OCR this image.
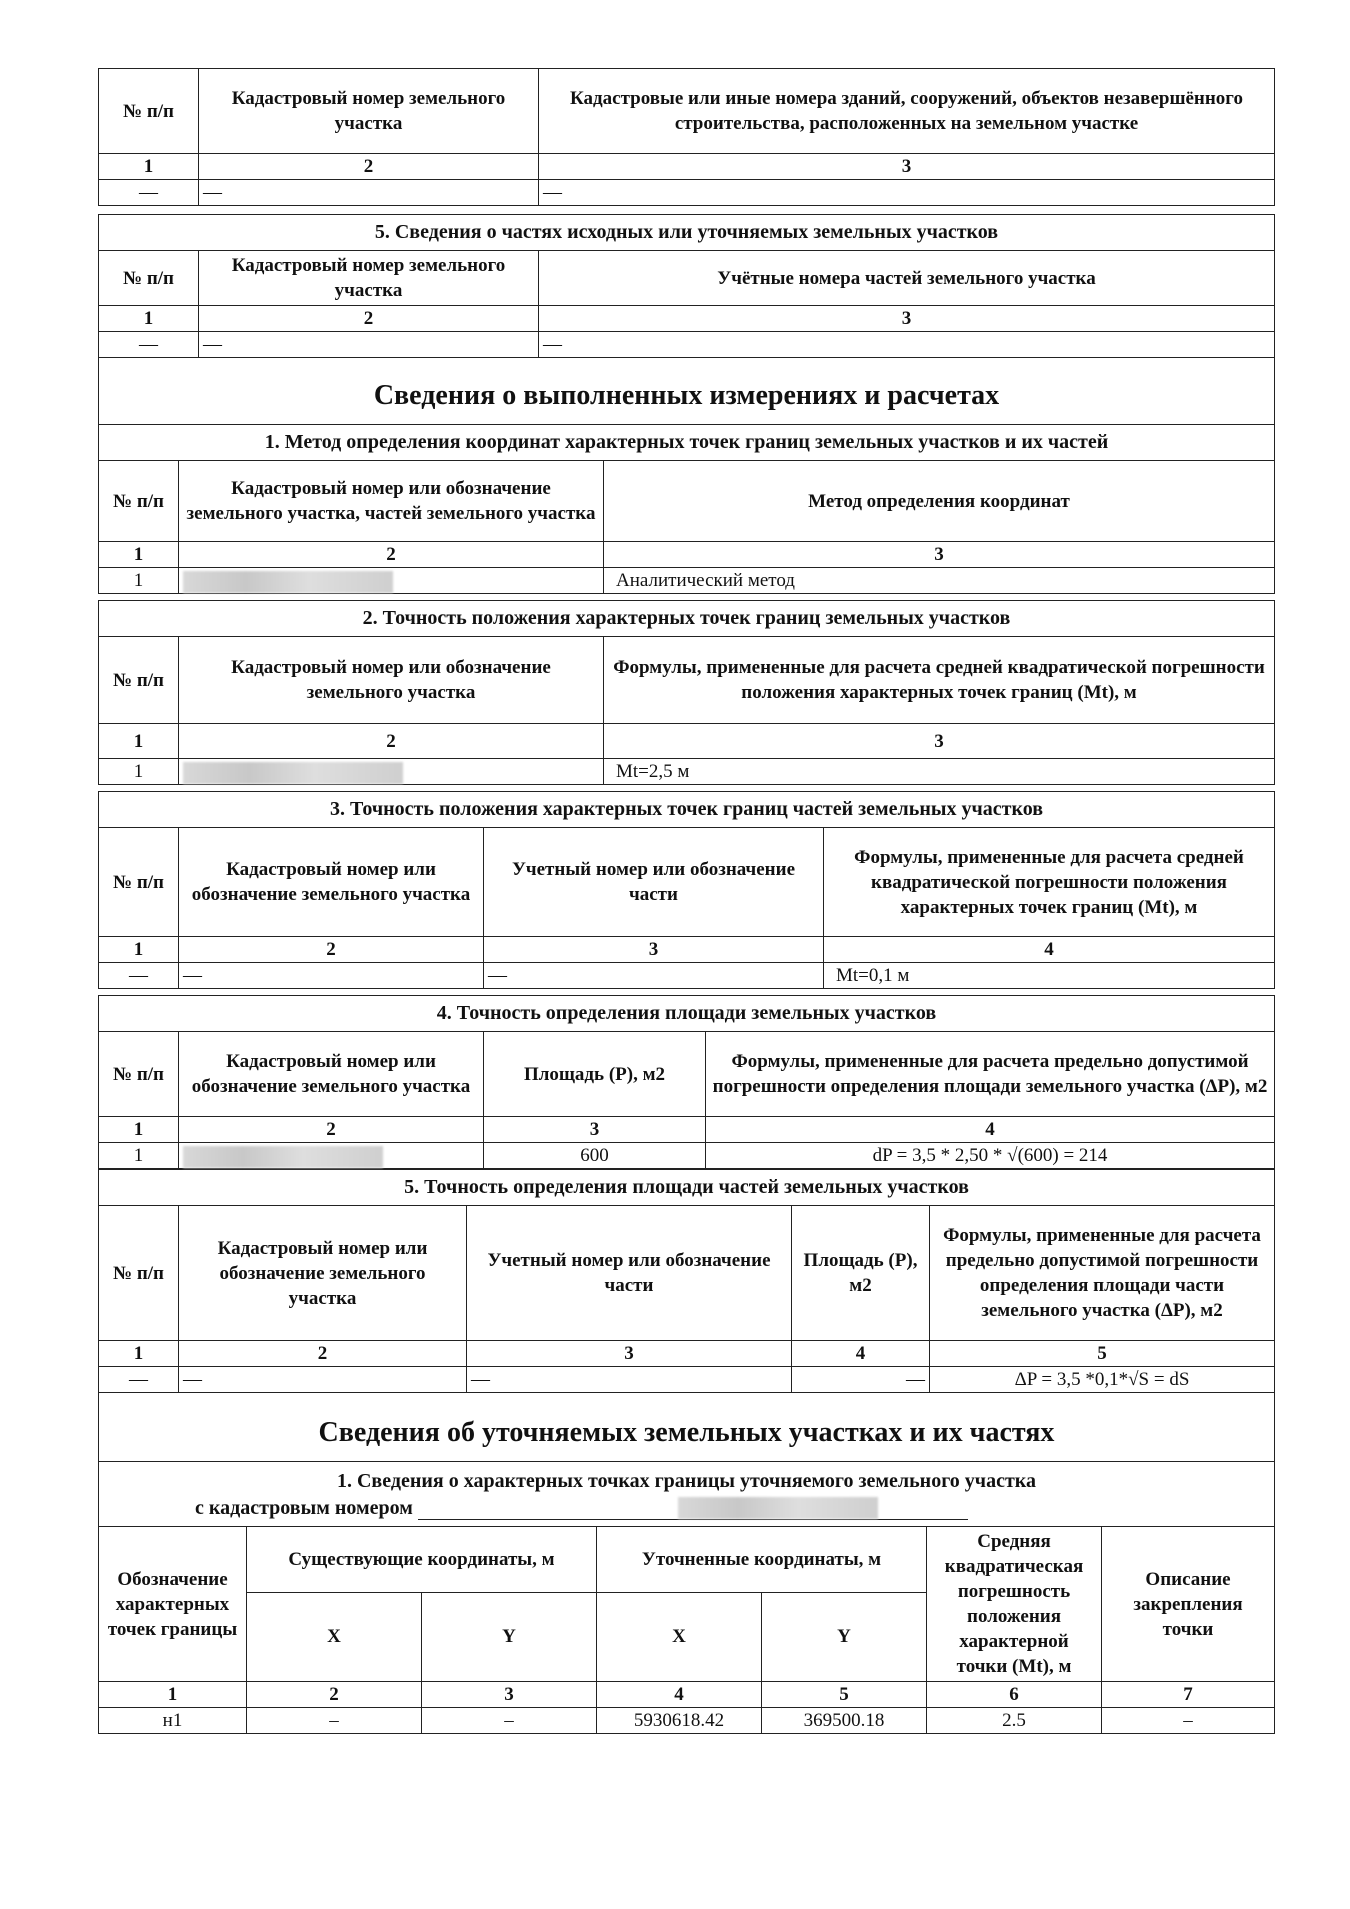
№ п/п	Кадастровый номер земельного участка	Кадастровые или иные номера зданий, сооружений, объектов незавершённого строительства, расположенных на земельном участке
1	2	3
—	—	—
5. Сведения о частях исходных или уточняемых земельных участков
№ п/п	Кадастровый номер земельного участка	Учётные номера частей земельного участка
1	2	3
—	—	—
Сведения о выполненных измерениях и расчетах
1. Метод определения координат характерных точек границ земельных участков и их частей
№ п/п	Кадастровый номер или обозначение земельного участка, частей земельного участка	Метод определения координат
1	2	3
1		Аналитический метод
2. Точность положения характерных точек границ земельных участков
№ п/п	Кадастровый номер или обозначение земельного участка	Формулы, примененные для расчета средней квадратической погрешности положения характерных точек границ (Mt), м
1	2	3
1		Mt=2,5 м
3. Точность положения характерных точек границ частей земельных участков
№ п/п	Кадастровый номер или обозначение земельного участка	Учетный номер или обозначение части	Формулы, примененные для расчета средней квадратической погрешности положения характерных точек границ (Mt), м
1	2	3	4
—	—	—	Mt=0,1 м
4. Точность определения площади земельных участков
№ п/п	Кадастровый номер или обозначение земельного участка	Площадь (P), м2	Формулы, примененные для расчета предельно допустимой погрешности определения площади земельного участка (ΔP), м2
1	2	3	4
1		600	dP = 3,5 * 2,50 * √(600) = 214
5. Точность определения площади частей земельных участков
№ п/п	Кадастровый номер или обозначение земельного участка	Учетный номер или обозначение части	Площадь (P), м2	Формулы, примененные для расчета предельно допустимой погрешности определения площади части земельного участка (ΔP), м2
1	2	3	4	5
—	—	—	—	ΔP = 3,5 *0,1*√S = dS
Сведения об уточняемых земельных участках и их частях
1. Сведения о характерных точках границы уточняемого земельного участка
с кадастровым номером
Обозначение характерных точек границы	Существующие координаты, м	Уточненные координаты, м	Средняя квадратическая погрешность положения характерной точки (Mt), м	Описание закрепления точки
X	Y	X	Y
1	2	3	4	5	6	7
н1	–	–	5930618.42	369500.18	2.5	–
